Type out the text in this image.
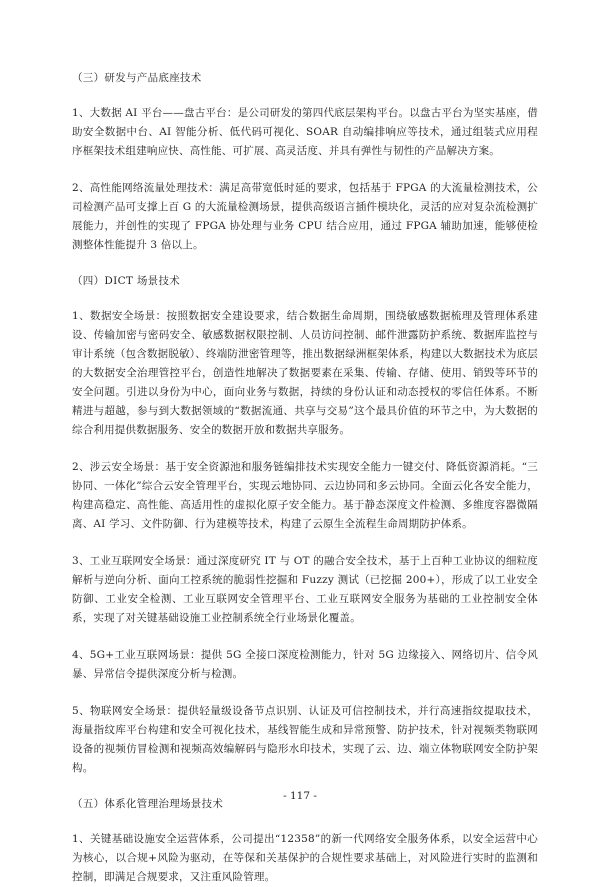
（三）研发与产品底座技术

1、大数据 AI 平台——盘古平台：是公司研发的第四代底层架构平台。以盘古平台为坚实基座，借助安全数据中台、AI 智能分析、低代码可视化、SOAR 自动编排响应等技术，通过组装式应用程序框架技术组建响应快、高性能、可扩展、高灵活度、并具有弹性与韧性的产品解决方案。

2、高性能网络流量处理技术：满足高带宽低时延的要求，包括基于 FPGA 的大流量检测技术，公司检测产品可支撑上百 G 的大流量检测场景，提供高级语言插件模块化，灵活的应对复杂流检测扩展能力，并创性的实现了 FPGA 协处理与业务 CPU 结合应用，通过 FPGA 辅助加速，能够使检测整体性能提升 3 倍以上。

（四）DICT 场景技术

1、数据安全场景：按照数据安全建设要求，结合数据生命周期，围绕敏感数据梳理及管理体系建设、传输加密与密码安全、敏感数据权限控制、人员访问控制、邮件泄露防护系统、数据库监控与审计系统（包含数据脱敏）、终端防泄密管理等，推出数据绿洲框架体系，构建以大数据技术为底层的大数据安全治理管控平台，创造性地解决了数据要素在采集、传输、存储、使用、销毁等环节的安全问题。引进以身份为中心，面向业务与数据，持续的身份认证和动态授权的零信任体系。不断精进与超越，参与到大数据领域的“数据流通、共享与交易”这个最具价值的环节之中，为大数据的综合利用提供数据服务、安全的数据开放和数据共享服务。

2、涉云安全场景：基于安全资源池和服务链编排技术实现安全能力一键交付、降低资源消耗。“三协同、一体化”综合云安全管理平台，实现云地协同、云边协同和多云协同。全面云化各安全能力，构建高稳定、高性能、高适用性的虚拟化原子安全能力。基于静态深度文件检测、多维度容器微隔离、AI 学习、文件防御、行为建模等技术，构建了云原生全流程生命周期防护体系。

3、工业互联网安全场景：通过深度研究 IT 与 OT 的融合安全技术，基于上百种工业协议的细粒度解析与逆向分析、面向工控系统的脆弱性挖掘和 Fuzzy 测试（已挖掘 200+），形成了以工业安全防御、工业安全检测、工业互联网安全管理平台、工业互联网安全服务为基础的工业控制安全体系，实现了对关键基础设施工业控制系统全行业场景化覆盖。

4、5G+工业互联网场景：提供 5G 全接口深度检测能力，针对 5G 边缘接入、网络切片、信令风暴、异常信令提供深度分析与检测。

5、物联网安全场景：提供轻量级设备节点识别、认证及可信控制技术，并行高速指纹提取技术，海量指纹库平台构建和安全可视化技术，基线智能生成和异常预警、防护技术，针对视频类物联网设备的视频仿冒检测和视频高效编解码与隐形水印技术，实现了云、边、端立体物联网安全防护架构。

（五）体系化管理治理场景技术

1、关键基础设施安全运营体系，公司提出“12358”的新一代网络安全服务体系，以安全运营中心为核心，以合规+风险为驱动，在等保和关基保护的合规性要求基础上，对风险进行实时的监测和控制，即满足合规要求，又注重风险管理。

- 117 -
